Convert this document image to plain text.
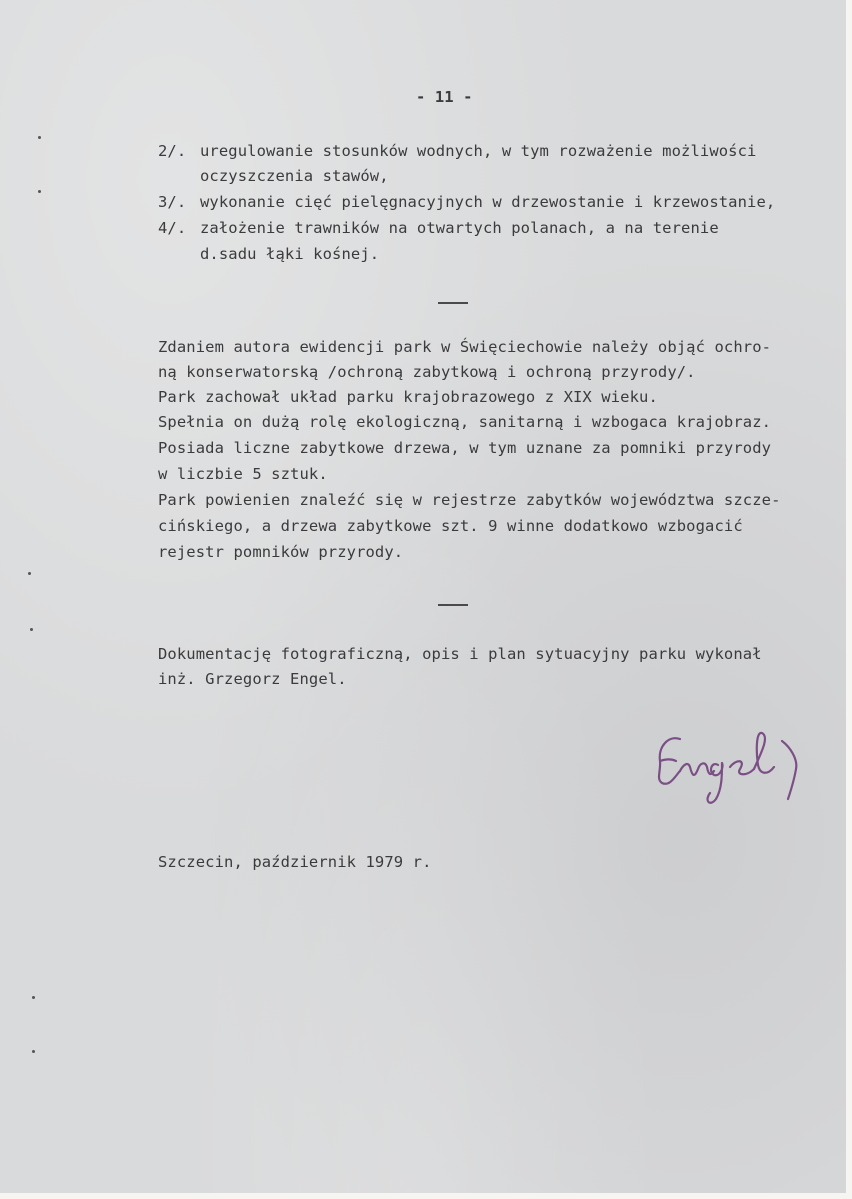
- 11 -
2/. uregulowanie stosunków wodnych, w tym rozważenie możliwości
oczyszczenia stawów,
3/. wykonanie cięć pielęgnacyjnych w drzewostanie i krzewostanie,
4/. założenie trawników na otwartych polanach, a na terenie
d.sadu łąki kośnej.
Zdaniem autora ewidencji park w Święciechowie należy objąć ochro-
ną konserwatorską /ochroną zabytkową i ochroną przyrody/.
Park zachował układ parku krajobrazowego z XIX wieku.
Spełnia on dużą rolę ekologiczną, sanitarną i wzbogaca krajobraz.
Posiada liczne zabytkowe drzewa, w tym uznane za pomniki przyrody
w liczbie 5 sztuk.
Park powienien znaleźć się w rejestrze zabytków województwa szcze-
cińskiego, a drzewa zabytkowe szt. 9 winne dodatkowo wzbogacić
rejestr pomników przyrody.
Dokumentację fotograficzną, opis i plan sytuacyjny parku wykonał
inż. Grzegorz Engel.
Szczecin, październik 1979 r.
